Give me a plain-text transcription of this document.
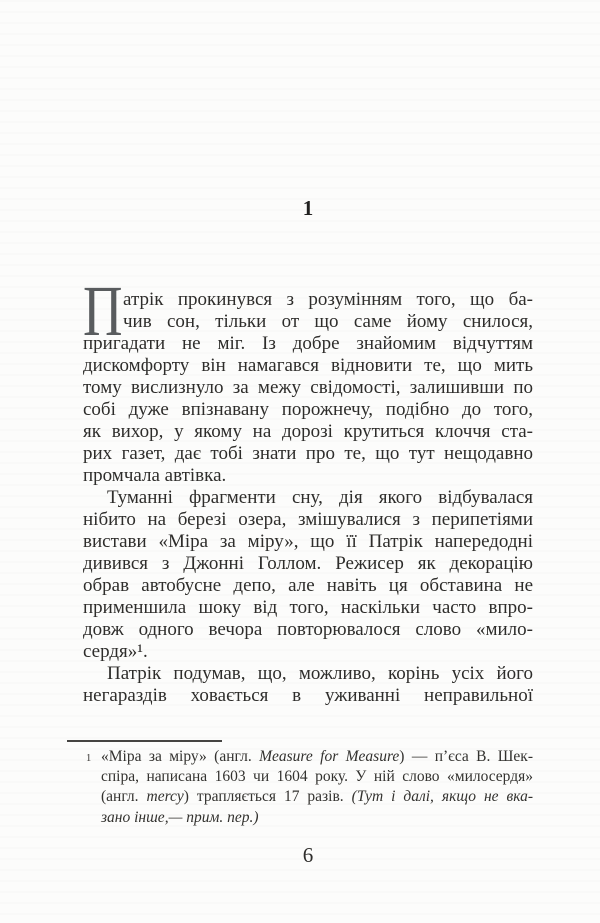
1
П атрік прокинувся з розумінням того, що ба-
чив сон, тільки от що саме йому снилося,
пригадати не міг. Із добре знайомим відчуттям
дискомфорту він намагався відновити те, що мить
тому вислизнуло за межу свідомості, залишивши по
собі дуже впізнавану порожнечу, подібно до того,
як вихор, у якому на дорозі крутиться клоччя ста-
рих газет, дає тобі знати про те, що тут нещодавно
промчала автівка.
Туманні фрагменти сну, дія якого відбувалася
нібито на березі озера, змішувалися з перипетіями
вистави «Міра за міру», що її Патрік напередодні
дивився з Джонні Голлом. Режисер як декорацію
обрав автобусне депо, але навіть ця обставина не
применшила шоку від того, наскільки часто впро-
довж одного вечора повторювалося слово «мило-
сердя»¹.
Патрік подумав, що, можливо, корінь усіх його
негараздів ховається в уживанні неправильної
1 «Міра за міру» (англ. Measure for Measure) — п’єса В. Шек-
спіра, написана 1603 чи 1604 року. У ній слово «милосердя»
(англ. mercy) трапляється 17 разів. (Тут і далі, якщо не вка-
зано інше,— прим. пер.)
6
